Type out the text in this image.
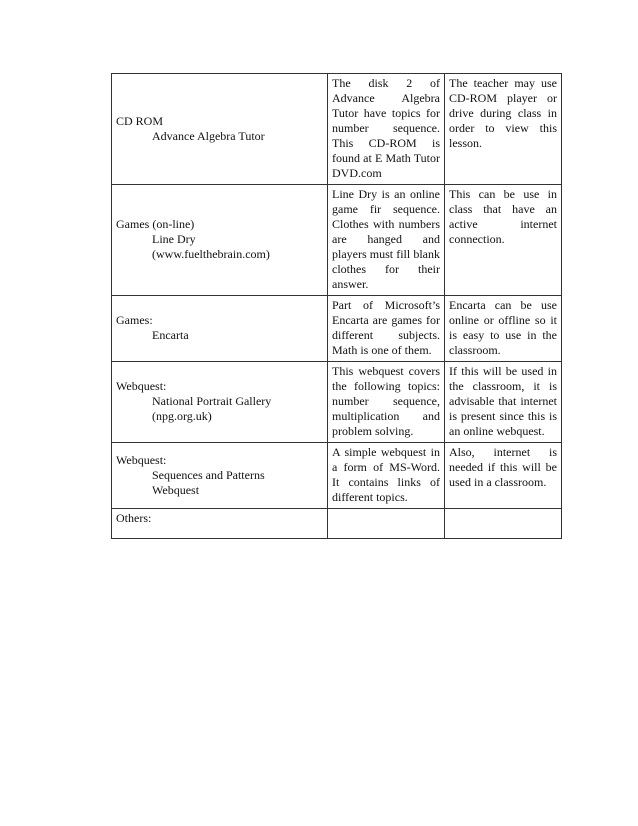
CD ROM
Advance Algebra Tutor	The disk 2 of Advance Algebra Tutor have topics for number sequence. This CD-ROM is found at E Math Tutor DVD.com	The teacher may use CD-ROM player or drive during class in order to view this lesson.

Games (on-line)
Line Dry
(www.fuelthebrain.com)	Line Dry is an online game fir sequence. Clothes with numbers are hanged and players must fill blank clothes for their answer.	This can be use in class that have an active internet connection.

Games:
Encarta	Part of Microsoft’s Encarta are games for different subjects. Math is one of them.	Encarta can be use online or offline so it is easy to use in the classroom.

Webquest:
National Portrait Gallery
(npg.org.uk)	This webquest covers the following topics: number sequence, multiplication and problem solving.	If this will be used in the classroom, it is advisable that internet is present since this is an online webquest.

Webquest:
Sequences and Patterns
Webquest	A simple webquest in a form of MS-Word. It contains links of different topics.	Also, internet is needed if this will be used in a classroom.

Others:		
